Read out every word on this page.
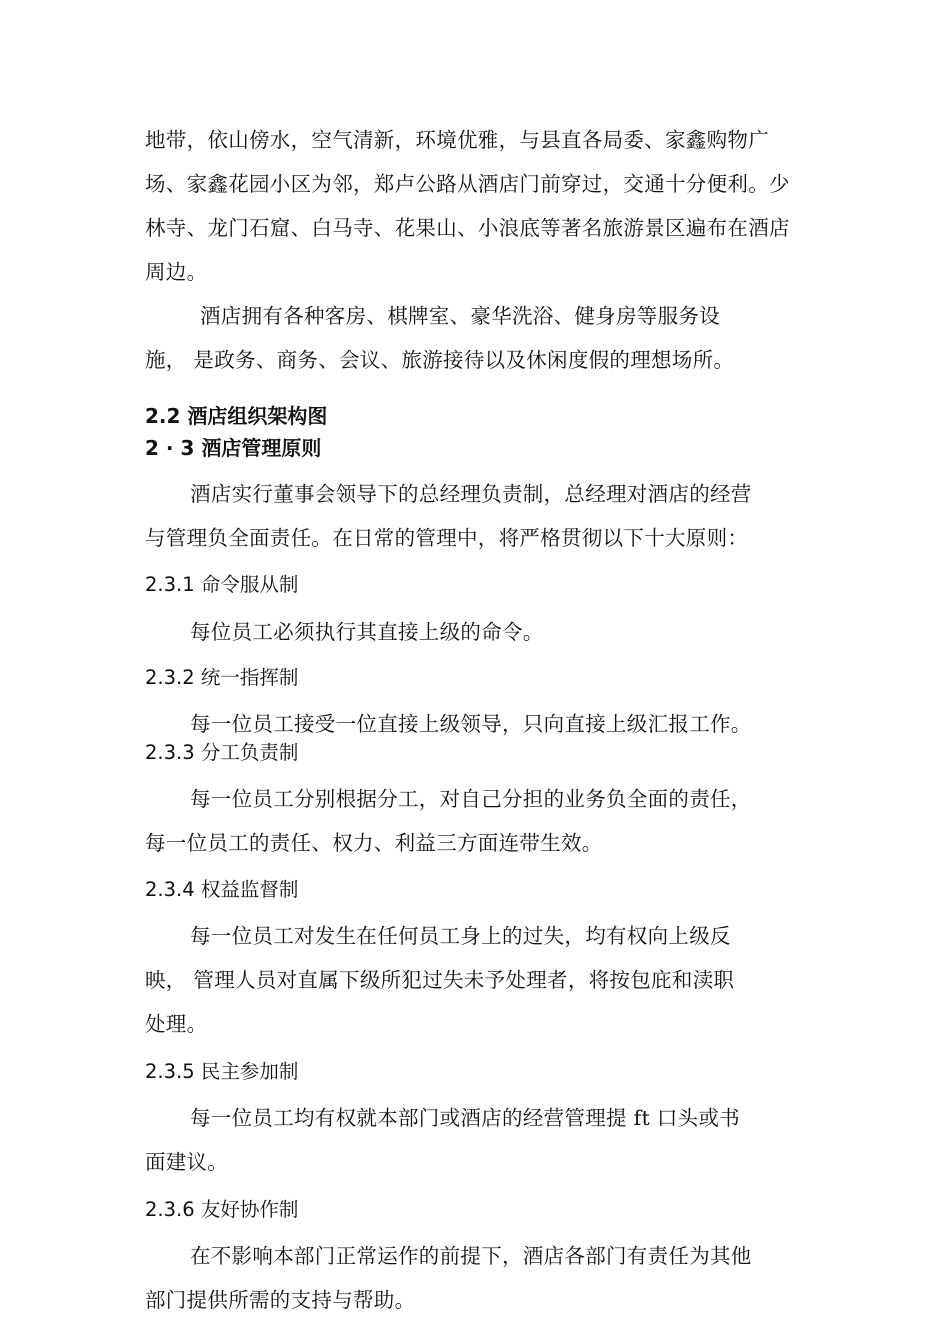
地带，依山傍水，空气清新，环境优雅，与县直各局委、家鑫购物广
场、家鑫花园小区为邻，郑卢公路从酒店门前穿过，交通十分便利。少
林寺、龙门石窟、白马寺、花果山、小浪底等著名旅游景区遍布在酒店
周边。
酒店拥有各种客房、棋牌室、豪华洗浴、健身房等服务设
施， 是政务、商务、会议、旅游接待以及休闲度假的理想场所。
2.2 酒店组织架构图
2 · 3 酒店管理原则
酒店实行董事会领导下的总经理负责制，总经理对酒店的经营
与管理负全面责任。在日常的管理中，将严格贯彻以下十大原则：
2.3.1 命令服从制
每位员工必须执行其直接上级的命令。
2.3.2 统一指挥制
每一位员工接受一位直接上级领导，只向直接上级汇报工作。
2.3.3 分工负责制
每一位员工分别根据分工，对自己分担的业务负全面的责任，
每一位员工的责任、权力、利益三方面连带生效。
2.3.4 权益监督制
每一位员工对发生在任何员工身上的过失，均有权向上级反
映， 管理人员对直属下级所犯过失未予处理者，将按包庇和渎职
处理。
2.3.5 民主参加制
每一位员工均有权就本部门或酒店的经营管理提 ft 口头或书
面建议。
2.3.6 友好协作制
在不影响本部门正常运作的前提下，酒店各部门有责任为其他
部门提供所需的支持与帮助。
